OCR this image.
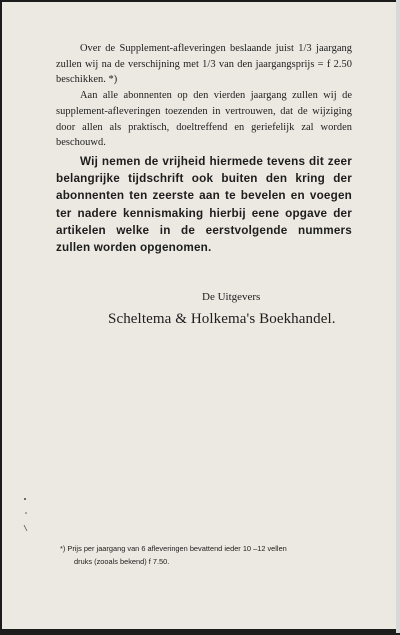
Over de Supplement-afleveringen beslaande juist 1/3 jaargang zullen wij na de verschijning met 1/3 van den jaargangsprijs = f 2.50 beschikken. *)

Aan alle abonnenten op den vierden jaargang zullen wij de supplement-afleveringen toezenden in vertrouwen, dat de wijziging door allen als praktisch, doeltreffend en geriefelijk zal worden beschouwd.

Wij nemen de vrijheid hiermede tevens dit zeer belangrijke tijdschrift ook buiten den kring der abonnenten ten zeerste aan te bevelen en voegen ter nadere kennismaking hierbij eene opgave der artikelen welke in de eerstvolgende nummers zullen worden opgenomen.

De Uitgevers
Scheltema & Holkema's Boekhandel.
*) Prijs per jaargang van 6 afleveringen bevattend ieder 10 –12 vellen
druks (zooals bekend) f 7.50.
